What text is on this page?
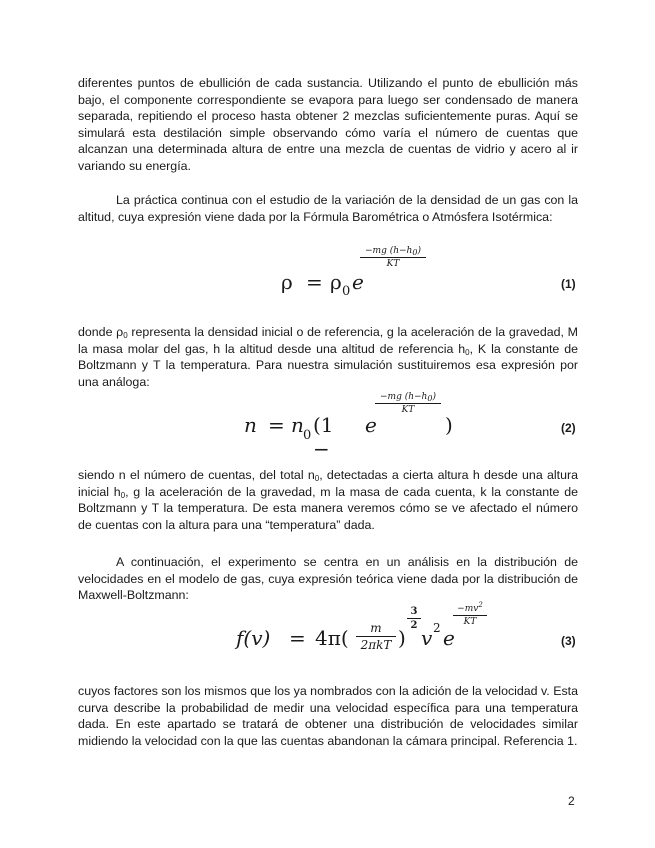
diferentes puntos de ebullición de cada sustancia. Utilizando el punto de ebullición más bajo, el componente correspondiente se evapora para luego ser condensado de manera separada, repitiendo el proceso hasta obtener 2 mezclas suficientemente puras. Aquí se simulará esta destilación simple observando cómo varía el número de cuentas que alcanzan una determinada altura de entre una mezcla de cuentas de vidrio y acero al ir variando su energía.

La práctica continua con el estudio de la variación de la densidad de un gas con la altitud, cuya expresión viene dada por la Fórmula Barométrica o Atmósfera Isotérmica:

ρ = ρ 0 e
$\frac{-mg (h-h_0)}{KT}$
(1)

donde $\rho_0$ representa la densidad inicial o de referencia, g la aceleración de la gravedad, M la masa molar del gas, h la altitud desde una altitud de referencia $h_0$, K la constante de Boltzmann y T la temperatura. Para nuestra simulación sustituiremos esa expresión por una análoga:

n = n 0 (1 −
e
$\frac{-mg (h-h_0)}{KT}$
)	(2)

siendo n el número de cuentas, del total $n_0$, detectadas a cierta altura h desde una altura inicial $h_0$, g la aceleración de la gravedad, m la masa de cada cuenta, k la constante de Boltzmann y T la temperatura. De esta manera veremos cómo se ve afectado el número de cuentas con la altura para una “temperatura” dada.

A continuación, el experimento se centra en un análisis en la distribución de velocidades en el modelo de gas, cuya expresión teórica viene dada por la distribución de Maxwell-Boltzmann:

f(v) = 4π(	m
2πkT )
$\frac{3}{2}$
v 2 e
$\frac{-mv^2}{KT}$
(3)

cuyos factores son los mismos que los ya nombrados con la adición de la velocidad v. Esta curva describe la probabilidad de medir una velocidad específica para una temperatura dada. En este apartado se tratará de obtener una distribución de velocidades similar midiendo la velocidad con la que las cuentas abandonan la cámara principal. Referencia 1.

2
